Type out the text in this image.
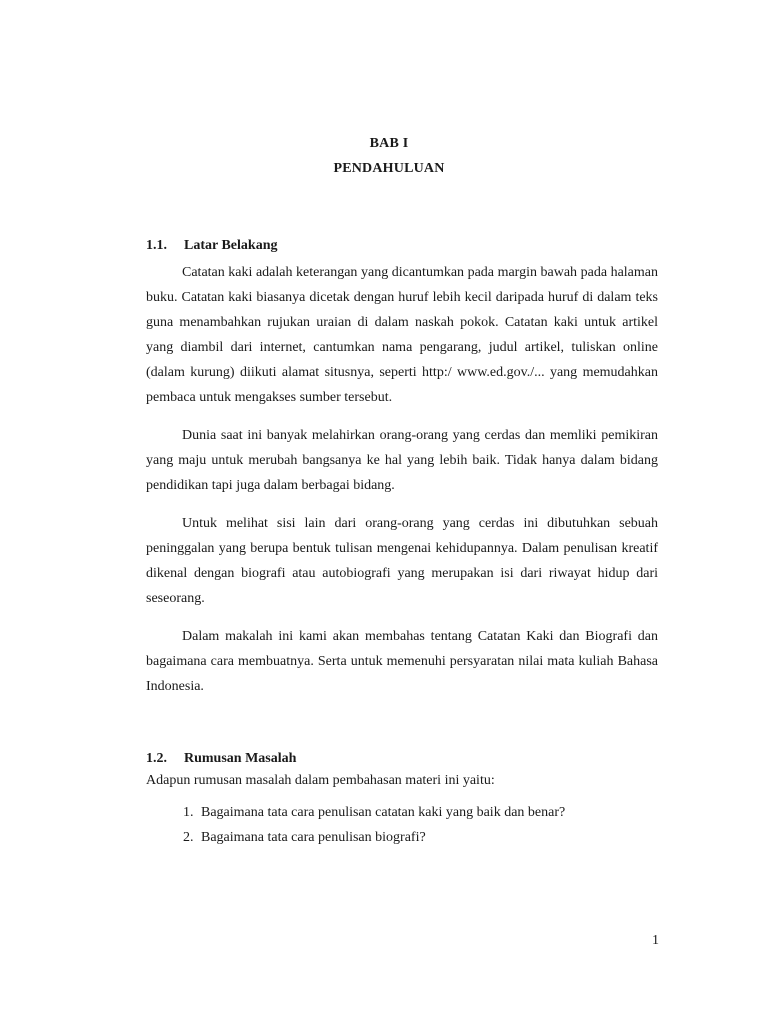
BAB I
PENDAHULUAN
1.1. Latar Belakang

Catatan kaki adalah keterangan yang dicantumkan pada margin bawah pada halaman buku. Catatan kaki biasanya dicetak dengan huruf lebih kecil daripada huruf di dalam teks guna menambahkan rujukan uraian di dalam naskah pokok. Catatan kaki untuk artikel yang diambil dari internet, cantumkan nama pengarang, judul artikel, tuliskan online (dalam kurung) diikuti alamat situsnya, seperti http:/ www.ed.gov./... yang memudahkan pembaca untuk mengakses sumber tersebut.

Dunia saat ini banyak melahirkan orang-orang yang cerdas dan memliki pemikiran yang maju untuk merubah bangsanya ke hal yang lebih baik. Tidak hanya dalam bidang pendidikan tapi juga dalam berbagai bidang.

Untuk melihat sisi lain dari orang-orang yang cerdas ini dibutuhkan sebuah peninggalan yang berupa bentuk tulisan mengenai kehidupannya. Dalam penulisan kreatif dikenal dengan biografi atau autobiografi yang merupakan isi dari riwayat hidup dari seseorang.

Dalam makalah ini kami akan membahas tentang Catatan Kaki dan Biografi dan bagaimana cara membuatnya. Serta untuk memenuhi persyaratan nilai mata kuliah Bahasa Indonesia.

1.2. Rumusan Masalah
Adapun rumusan masalah dalam pembahasan materi ini yaitu:
1. Bagaimana tata cara penulisan catatan kaki yang baik dan benar?
2. Bagaimana tata cara penulisan biografi?
1
